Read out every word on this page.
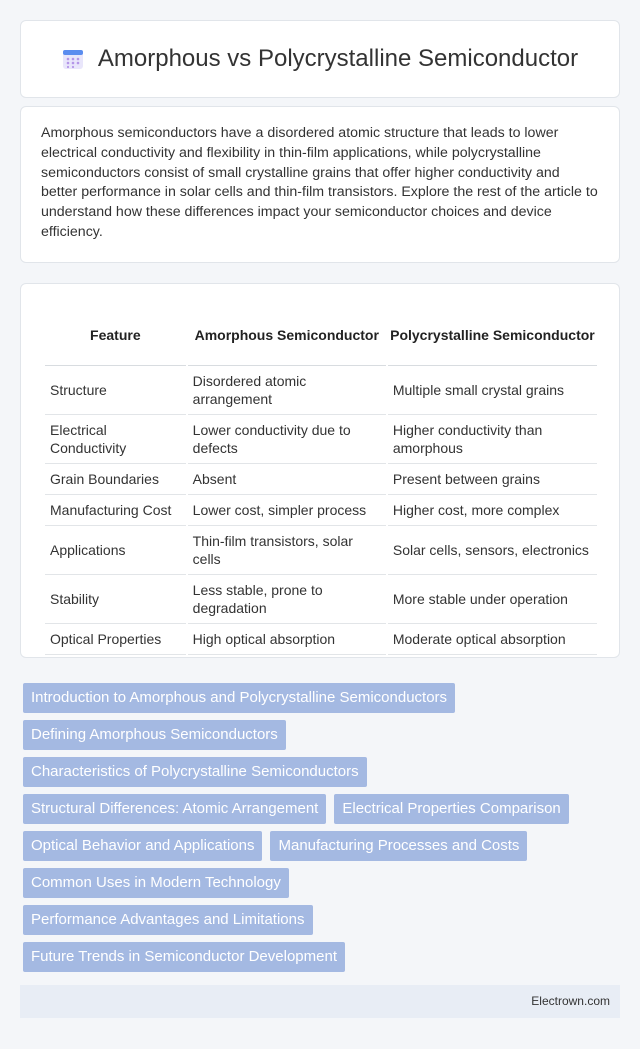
Amorphous vs Polycrystalline Semiconductor

Amorphous semiconductors have a disordered atomic structure that leads to lower electrical conductivity and flexibility in thin-film applications, while polycrystalline semiconductors consist of small crystalline grains that offer higher conductivity and better performance in solar cells and thin-film transistors. Explore the rest of the article to understand how these differences impact your semiconductor choices and device efficiency.

Feature	Amorphous Semiconductor	Polycrystalline Semiconductor
Structure	Disordered atomic arrangement	Multiple small crystal grains
Electrical Conductivity	Lower conductivity due to defects	Higher conductivity than amorphous
Grain Boundaries	Absent	Present between grains
Manufacturing Cost	Lower cost, simpler process	Higher cost, more complex
Applications	Thin-film transistors, solar cells	Solar cells, sensors, electronics
Stability	Less stable, prone to degradation	More stable under operation
Optical Properties	High optical absorption	Moderate optical absorption
Introduction to Amorphous and Polycrystalline Semiconductors
Defining Amorphous Semiconductors
Characteristics of Polycrystalline Semiconductors
Structural Differences: Atomic Arrangement	Electrical Properties Comparison
Optical Behavior and Applications	Manufacturing Processes and Costs
Common Uses in Modern Technology
Performance Advantages and Limitations
Future Trends in Semiconductor Development
Electrown.com
